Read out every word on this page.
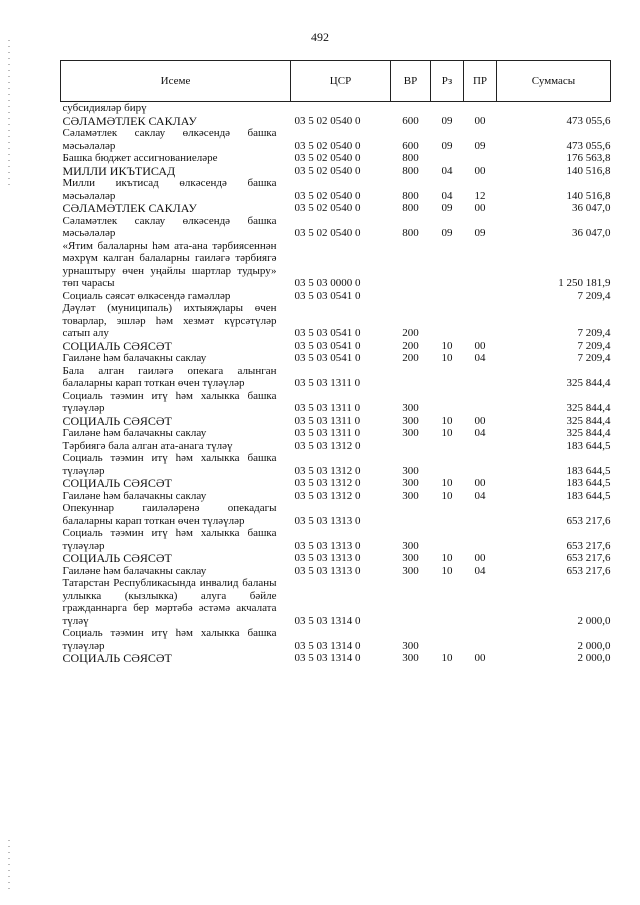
492
Исеме	ЦСР	ВР	Рз	ПР	Суммасы
субсидияләр бирү					
СӘЛАМӘТЛЕК САКЛАУ	03 5 02 0540 0	600	09	00	473 055,6
Сәламәтлек саклау өлкәсендә башка мәсьәләләр	03 5 02 0540 0	600	09	09	473 055,6
Башка бюджет ассигнованиеләре	03 5 02 0540 0	800			176 563,8
МИЛЛИ ИКЪТИСАД	03 5 02 0540 0	800	04	00	140 516,8
Милли икътисад өлкәсендә башка мәсьәләләр	03 5 02 0540 0	800	04	12	140 516,8
СӘЛАМӘТЛЕК САКЛАУ	03 5 02 0540 0	800	09	00	36 047,0
Сәламәтлек саклау өлкәсендә башка мәсьәләләр	03 5 02 0540 0	800	09	09	36 047,0
«Ятим балаларны һәм ата-ана тәрбиясеннән мәхрүм калган балаларны гаиләгә тәрбиягә урнаштыру өчен уңайлы шартлар тудыру» төп чарасы	03 5 03 0000 0				1 250 181,9
Социаль сәясәт өлкәсендә гамәлләр	03 5 03 0541 0				7 209,4
Дәүләт (муниципаль) ихтыяҗлары өчен товарлар, эшләр һәм хезмәт күрсәтүләр сатып алу	03 5 03 0541 0	200			7 209,4
СОЦИАЛЬ СӘЯСӘТ	03 5 03 0541 0	200	10	00	7 209,4
Гаиләне һәм балачакны саклау	03 5 03 0541 0	200	10	04	7 209,4
Бала алган гаиләгә опекага алынган балаларны карап тоткан өчен түләүләр	03 5 03 1311 0				325 844,4
Социаль тәэмин итү һәм халыкка башка түләүләр	03 5 03 1311 0	300			325 844,4
СОЦИАЛЬ СӘЯСӘТ	03 5 03 1311 0	300	10	00	325 844,4
Гаиләне һәм балачакны саклау	03 5 03 1311 0	300	10	04	325 844,4
Тәрбиягә бала алган ата-анага түләү	03 5 03 1312 0				183 644,5
Социаль тәэмин итү һәм халыкка башка түләүләр	03 5 03 1312 0	300			183 644,5
СОЦИАЛЬ СӘЯСӘТ	03 5 03 1312 0	300	10	00	183 644,5
Гаиләне һәм балачакны саклау	03 5 03 1312 0	300	10	04	183 644,5
Опекуннар гаиләләренә опекадагы балаларны карап тоткан өчен түләүләр	03 5 03 1313 0				653 217,6
Социаль тәэмин итү һәм халыкка башка түләүләр	03 5 03 1313 0	300			653 217,6
СОЦИАЛЬ СӘЯСӘТ	03 5 03 1313 0	300	10	00	653 217,6
Гаиләне һәм балачакны саклау	03 5 03 1313 0	300	10	04	653 217,6
Татарстан Республикасында инвалид баланы уллыкка (кызлыкка) алуга бәйле гражданнарга бер мәртәбә әстәмә акчалата түләү	03 5 03 1314 0				2 000,0
Социаль тәэмин итү һәм халыкка башка түләүләр	03 5 03 1314 0	300			2 000,0
СОЦИАЛЬ СӘЯСӘТ	03 5 03 1314 0	300	10	00	2 000,0
